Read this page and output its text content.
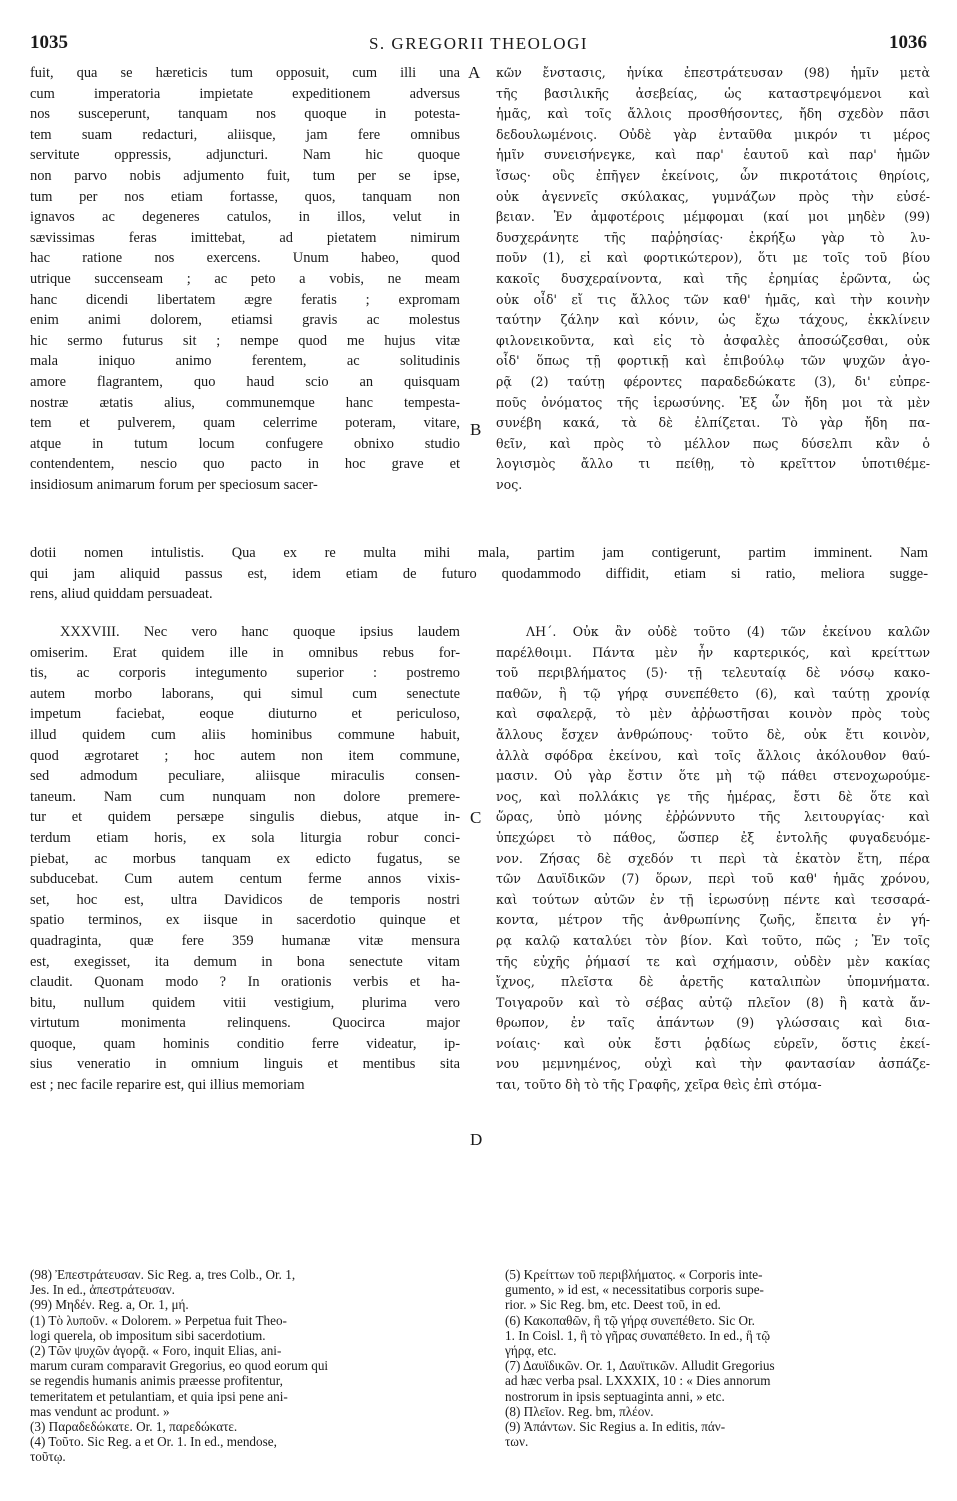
1035	S. GREGORII THEOLOGI	1036
fuit, qua se hæreticis tum opposuit, cum illi una
cum imperatoria impietate expeditionem adversus
nos susceperunt, tanquam nos quoque in potesta-
tem suam redacturi, aliisque, jam fere omnibus
servitute oppressis, adjuncturi. Nam hic quoque
non parvo nobis adjumento fuit, tum per se ipse,
tum per nos etiam fortasse, quos, tanquam non
ignavos ac degeneres catulos, in illos, velut in
sævissimas feras imittebat, ad pietatem nimirum
hac ratione nos exercens. Unum habeo, quod
utrique succenseam ; ac peto a vobis, ne meam
hanc dicendi libertatem ægre feratis ; expromam
enim animi dolorem, etiamsi gravis ac molestus
hic sermo futurus sit ; nempe quod me hujus vitæ
mala iniquo animo ferentem, ac solitudinis
amore flagrantem, quo haud scio an quisquam
nostræ ætatis alius, communemque hanc tempesta-
tem et pulverem, quam celerrime poteram, vitare,
atque in tutum locum confugere obnixo studio
contendentem, nescio quo pacto in hoc grave et
insidiosum animarum forum per speciosum sacer-
κῶν ἔνστασις, ἡνίκα ἐπεστράτευσαν (98) ἡμῖν μετὰ
τῆς βασιλικῆς ἀσεβείας, ὡς καταστρεψόμενοι καὶ
ἡμᾶς, καὶ τοῖς ἄλλοις προσθήσοντες, ἤδη σχεδὸν πᾶσι
δεδουλωμένοις. Οὐδὲ γὰρ ἐνταῦθα μικρόν τι μέρος
ἡμῖν συνεισήνεγκε, καὶ παρ' ἑαυτοῦ καὶ παρ' ἡμῶν
ἴσως· οὓς ἐπῆγεν ἐκείνοις, ὧν πικροτάτοις θηρίοις,
οὐκ ἀγεννεῖς σκύλακας, γυμνάζων πρὸς τὴν εὐσέ-
βειαν. Ἐν ἀμφοτέροις μέμφομαι (καί μοι μηδὲν (99)
δυσχεράνητε τῆς παῤῥησίας· ἐκρήξω γὰρ τὸ λυ-
ποῦν (1), εἰ καὶ φορτικώτερον), ὅτι με τοῖς τοῦ βίου
κακοῖς δυσχεραίνοντα, καὶ τῆς ἐρημίας ἐρῶντα, ὡς
οὐκ οἶδ' εἴ τις ἄλλος τῶν καθ' ἡμᾶς, καὶ τὴν κοινὴν
ταύτην ζάλην καὶ κόνιν, ὡς ἔχω τάχους, ἐκκλίνειν
φιλονεικοῦντα, καὶ εἰς τὸ ἀσφαλὲς ἀποσώζεσθαι, οὐκ
οἶδ' ὅπως τῇ φορτικῇ καὶ ἐπιβούλῳ τῶν ψυχῶν ἀγο-
ρᾷ (2) ταύτῃ φέροντες παραδεδώκατε (3), δι' εὐπρε-
ποῦς ὀνόματος τῆς ἱερωσύνης. Ἐξ ὧν ἤδη μοι τὰ μὲν
συνέβη κακά, τὰ δὲ ἐλπίζεται. Τὸ γὰρ ἤδη πα-
θεῖν, καὶ πρὸς τὸ μέλλον πως δύσελπι κἂν ὁ
λογισμὸς ἄλλο τι πείθῃ, τὸ κρεῖττον ὑποτιθέμε-
νος.
dotii nomen intulistis. Qua ex re multa mihi mala, partim jam contigerunt, partim imminent. Nam
qui jam aliquid passus est, idem etiam de futuro quodammodo diffidit, etiam si ratio, meliora sugge-
rens, aliud quiddam persuadeat.
XXXVIII. Nec vero hanc quoque ipsius laudem
omiserim. Erat quidem ille in omnibus rebus for-
tis, ac corporis integumento superior : postremo
autem morbo laborans, qui simul cum senectute
impetum faciebat, eoque diuturno et periculoso,
illud quidem cum aliis hominibus commune habuit,
quod ægrotaret ; hoc autem non item commune,
sed admodum peculiare, aliisque miraculis consen-
taneum. Nam cum nunquam non dolore premere-
tur et quidem persæpe singulis diebus, atque in-
terdum etiam horis, ex sola liturgia robur conci-
piebat, ac morbus tanquam ex edicto fugatus, se
subducebat. Cum autem centum ferme annos vixis-
set, hoc est, ultra Davidicos de temporis nostri
spatio terminos, ex iisque in sacerdotio quinque et
quadraginta, quæ fere 359 humanæ vitæ mensura
est, exegisset, ita demum in bona senectute vitam
claudit. Quonam modo ? In orationis verbis et ha-
bitu, nullum quidem vitii vestigium, plurima vero
virtutum monimenta relinquens. Quocirca major
quoque, quam hominis conditio ferre videatur, ip-
sius veneratio in omnium linguis et mentibus sita
est ; nec facile reparire est, qui illius memoriam
ΛΗ΄. Οὐκ ἂν οὐδὲ τοῦτο (4) τῶν ἐκείνου καλῶν
παρέλθοιμι. Πάντα μὲν ἦν καρτερικός, καὶ κρείττων
τοῦ περιβλήματος (5)· τῇ τελευταίᾳ δὲ νόσῳ κακο-
παθῶν, ἣ τῷ γήρᾳ συνεπέθετο (6), καὶ ταύτῃ χρονίᾳ
καὶ σφαλερᾷ, τὸ μὲν ἀῤῥωστῆσαι κοινὸν πρὸς τοὺς
ἄλλους ἔσχεν ἀνθρώπους· τοῦτο δὲ, οὐκ ἔτι κοινὸν,
ἀλλὰ σφόδρα ἐκείνου, καὶ τοῖς ἄλλοις ἀκόλουθον θαύ-
μασιν. Οὐ γὰρ ἔστιν ὅτε μὴ τῷ πάθει στενοχωρούμε-
νος, καὶ πολλάκις γε τῆς ἡμέρας, ἔστι δὲ ὅτε καὶ
ὥρας, ὑπὸ μόνης ἐῤῥώννυτο τῆς λειτουργίας· καὶ
ὑπεχώρει τὸ πάθος, ὥσπερ ἐξ ἐντολῆς φυγαδευόμε-
νον. Ζήσας δὲ σχεδόν τι περὶ τὰ ἑκατὸν ἔτη, πέρα
τῶν Δαυϊδικῶν (7) ὅρων, περὶ τοῦ καθ' ἡμᾶς χρόνου,
καὶ τούτων αὐτῶν ἐν τῇ ἱερωσύνῃ πέντε καὶ τεσσαρά-
κοντα, μέτρον τῆς ἀνθρωπίνης ζωῆς, ἔπειτα ἐν γή-
ρᾳ καλῷ καταλύει τὸν βίον. Καὶ τοῦτο, πῶς ; Ἐν τοῖς
τῆς εὐχῆς ῥήμασί τε καὶ σχήμασιν, οὐδὲν μὲν κακίας
ἴχνος, πλεῖστα δὲ ἀρετῆς καταλιπὼν ὑπομνήματα.
Τοιγαροῦν καὶ τὸ σέβας αὐτῷ πλεῖον (8) ἢ κατὰ ἄν-
θρωπον, ἐν ταῖς ἁπάντων (9) γλώσσαις καὶ δια-
νοίαις· καὶ οὐκ ἔστι ῥᾳδίως εὑρεῖν, ὅστις ἐκεί-
νου μεμνημένος, οὐχὶ καὶ τὴν φαντασίαν ἀσπάζε-
ται, τοῦτο δὴ τὸ τῆς Γραφῆς, χεῖρα θεὶς ἐπὶ στόμα-
A
B
C
D
(98) Ἐπεστράτευσαν. Sic Reg. a, tres Colb., Or. 1,
Jes. In ed., ἀπεστράτευσαν.
(99) Μηδέν. Reg. a, Or. 1, μή.
(1) Τὸ λυποῦν. « Dolorem. » Perpetua fuit Theo-
logi querela, ob impositum sibi sacerdotium.
(2) Τῶν ψυχῶν ἀγορᾷ. « Foro, inquit Elias, ani-
marum curam comparavit Gregorius, eo quod eorum qui
se regendis humanis animis præesse profitentur,
temeritatem et petulantiam, et quia ipsi pene ani-
mas vendunt ac produnt. »
(3) Παραδεδώκατε. Or. 1, παρεδώκατε.
(4) Τοῦτο. Sic Reg. a et Or. 1. In ed., mendose,
τοῦτῳ.
(5) Κρείττων τοῦ περιβλήματος. « Corporis inte-
gumento, » id est, « necessitatibus corporis supe-
rior. » Sic Reg. bm, etc. Deest τοῦ, in ed.
(6) Κακοπαθῶν, ἣ τῷ γήρᾳ συνεπέθετο. Sic Or.
1. In Coisl. 1, ἣ τὸ γῆρας συναπέθετο. In ed., ἣ τῷ
γήρᾳ, etc.
(7) Δαυϊδικῶν. Or. 1, Δαυϊτικῶν. Alludit Gregorius
ad hæc verba psal. LXXXIX, 10 : « Dies annorum
nostrorum in ipsis septuaginta anni, » etc.
(8) Πλεῖον. Reg. bm, πλέον.
(9) Ἁπάντων. Sic Regius a. In editis, πάν-
των.
